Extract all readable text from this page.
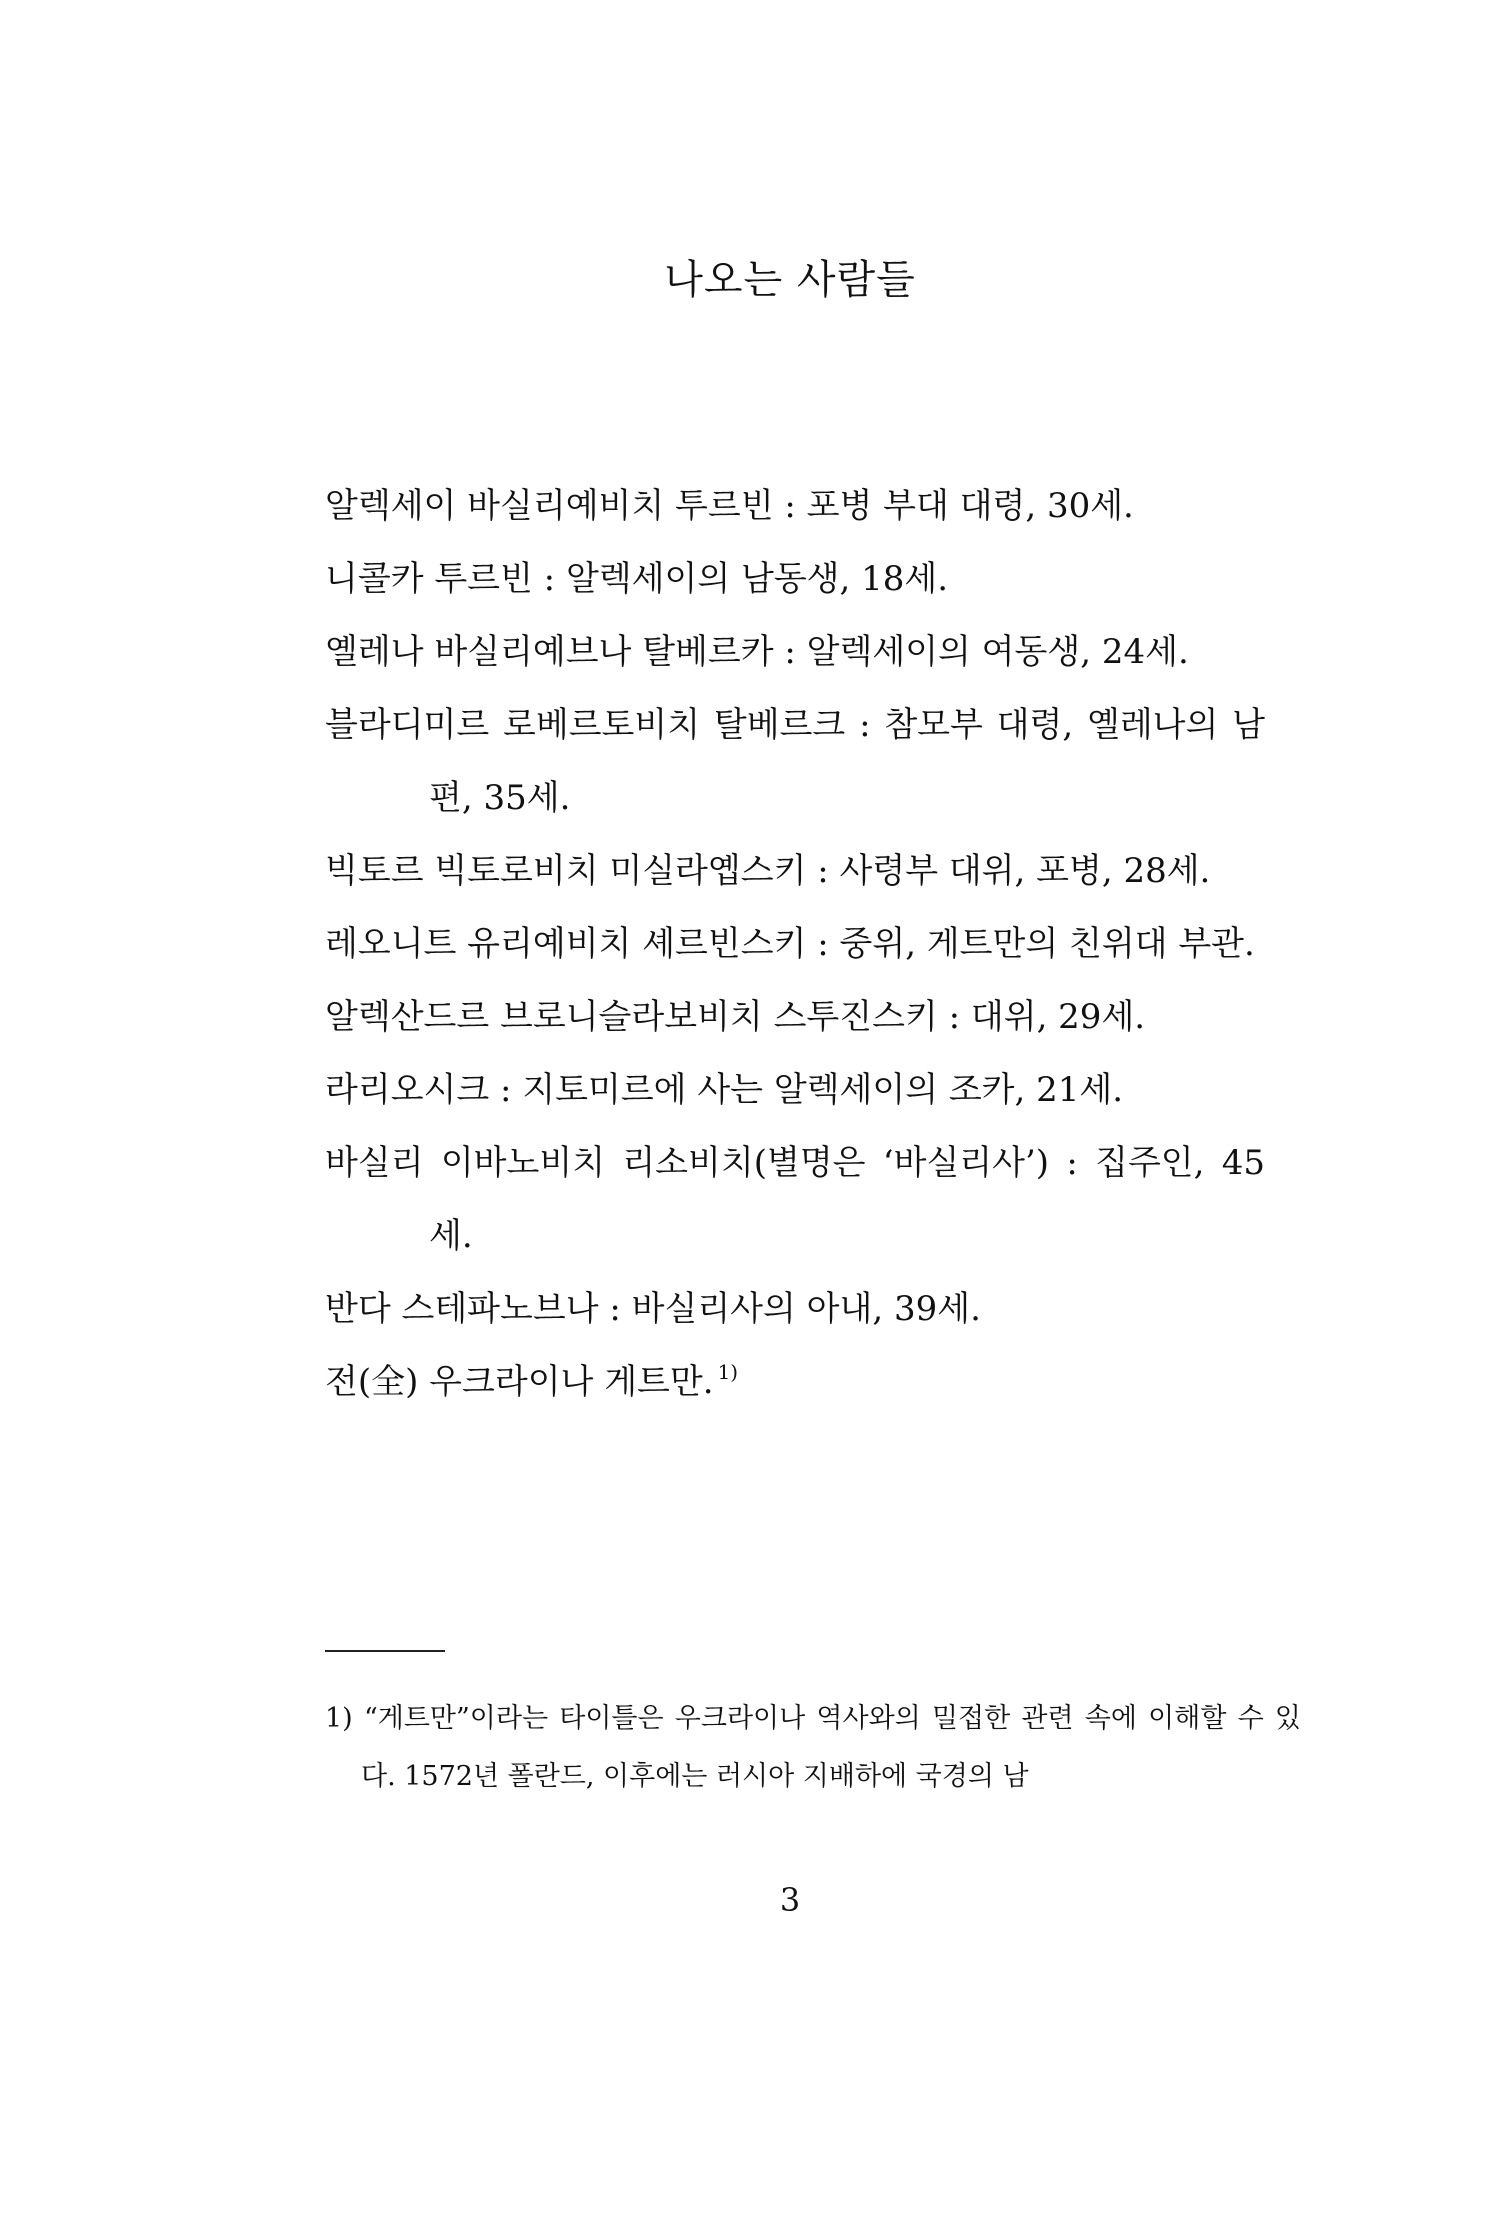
나오는 사람들
알렉세이 바실리예비치 투르빈 : 포병 부대 대령, 30세.
니콜카 투르빈 : 알렉세이의 남동생, 18세.
옐레나 바실리예브나 탈베르카 : 알렉세이의 여동생, 24세.
블라디미르 로베르토비치 탈베르크 : 참모부 대령, 옐레나의 남편, 35세.
빅토르 빅토로비치 미실라옙스키 : 사령부 대위, 포병, 28세.
레오니트 유리예비치 셰르빈스키 : 중위, 게트만의 친위대 부관.
알렉산드르 브로니슬라보비치 스투진스키 : 대위, 29세.
라리오시크 : 지토미르에 사는 알렉세이의 조카, 21세.
바실리 이바노비치 리소비치(별명은 ‘바실리사’) : 집주인, 45세.
반다 스테파노브나 : 바실리사의 아내, 39세.
전(全) 우크라이나 게트만. $^{1)}$
1) “게트만”이라는 타이틀은 우크라이나 역사와의 밀접한 관련 속에 이해할 수 있다. 1572년 폴란드, 이후에는 러시아 지배하에 국경의 남
3
